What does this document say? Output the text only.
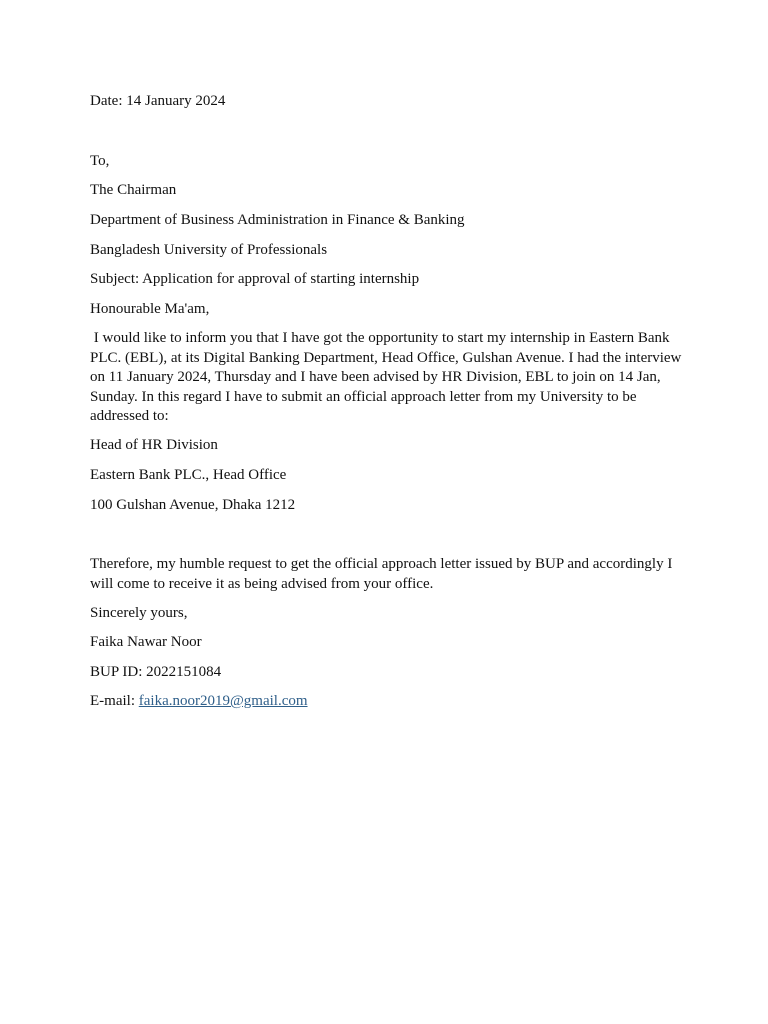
Date: 14 January 2024

To,

The Chairman

Department of Business Administration in Finance & Banking

Bangladesh University of Professionals

Subject: Application for approval of starting internship

Honourable Ma'am,

I would like to inform you that I have got the opportunity to start my internship in Eastern Bank PLC. (EBL), at its Digital Banking Department, Head Office, Gulshan Avenue. I had the interview on 11 January 2024, Thursday and I have been advised by HR Division, EBL to join on 14 Jan, Sunday. In this regard I have to submit an official approach letter from my University to be addressed to:

Head of HR Division

Eastern Bank PLC., Head Office

100 Gulshan Avenue, Dhaka 1212

Therefore, my humble request to get the official approach letter issued by BUP and accordingly I will come to receive it as being advised from your office.

Sincerely yours,

Faika Nawar Noor

BUP ID: 2022151084

E-mail: faika.noor2019@gmail.com
